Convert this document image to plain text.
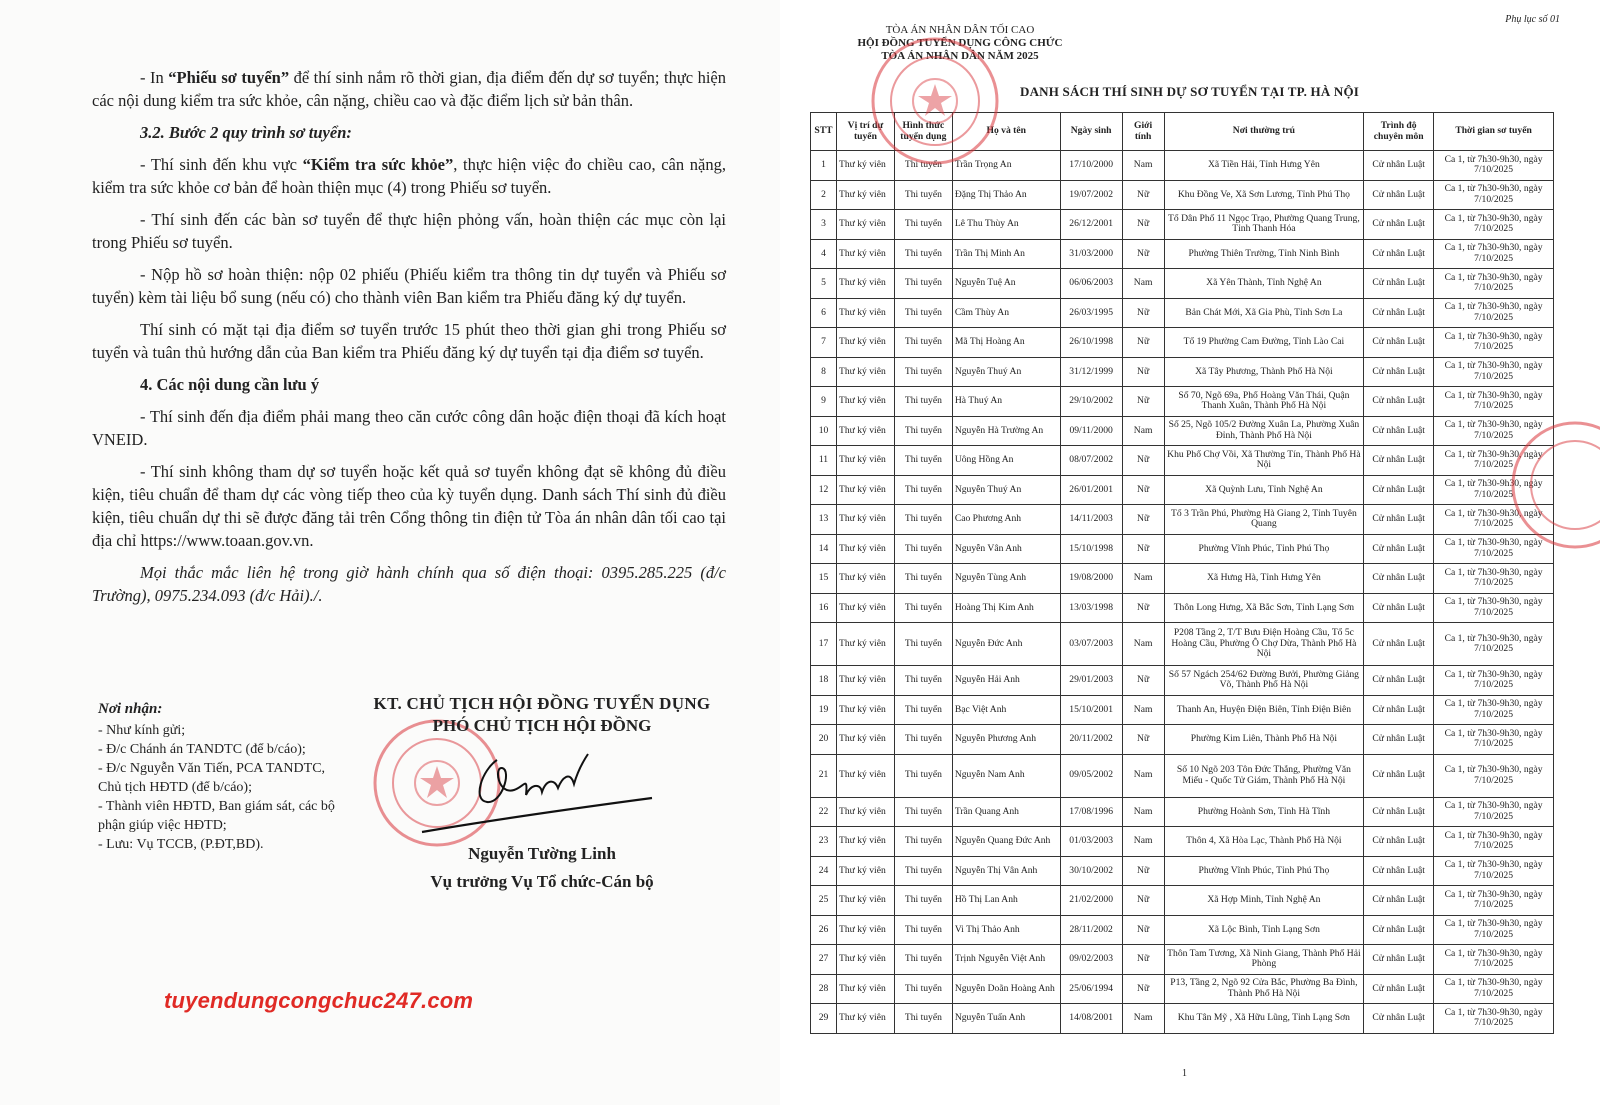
- In “Phiếu sơ tuyển” để thí sinh nắm rõ thời gian, địa điểm đến dự sơ tuyển; thực hiện các nội dung kiểm tra sức khỏe, cân nặng, chiều cao và đặc điểm lịch sử bản thân.

3.2. Bước 2 quy trình sơ tuyển:

- Thí sinh đến khu vực “Kiểm tra sức khỏe”, thực hiện việc đo chiều cao, cân nặng, kiểm tra sức khỏe cơ bản để hoàn thiện mục (4) trong Phiếu sơ tuyển.

- Thí sinh đến các bàn sơ tuyển để thực hiện phỏng vấn, hoàn thiện các mục còn lại trong Phiếu sơ tuyển.

- Nộp hồ sơ hoàn thiện: nộp 02 phiếu (Phiếu kiểm tra thông tin dự tuyển và Phiếu sơ tuyển) kèm tài liệu bổ sung (nếu có) cho thành viên Ban kiểm tra Phiếu đăng ký dự tuyển.

Thí sinh có mặt tại địa điểm sơ tuyển trước 15 phút theo thời gian ghi trong Phiếu sơ tuyển và tuân thủ hướng dẫn của Ban kiểm tra Phiếu đăng ký dự tuyển tại địa điểm sơ tuyển.

4. Các nội dung cần lưu ý

- Thí sinh đến địa điểm phải mang theo căn cước công dân hoặc điện thoại đã kích hoạt VNEID.

- Thí sinh không tham dự sơ tuyển hoặc kết quả sơ tuyển không đạt sẽ không đủ điều kiện, tiêu chuẩn để tham dự các vòng tiếp theo của kỳ tuyển dụng. Danh sách Thí sinh đủ điều kiện, tiêu chuẩn dự thi sẽ được đăng tải trên Cổng thông tin điện tử Tòa án nhân dân tối cao tại địa chỉ https://www.toaan.gov.vn.

Mọi thắc mắc liên hệ trong giờ hành chính qua số điện thoại: 0395.285.225 (đ/c Trường), 0975.234.093 (đ/c Hải)./.

Nơi nhận:
- Như kính gửi;
- Đ/c Chánh án TANDTC (để b/cáo);
- Đ/c Nguyễn Văn Tiến, PCA TANDTC, Chủ tịch HĐTD (để b/cáo);
- Thành viên HĐTD, Ban giám sát, các bộ phận giúp việc HĐTD;
- Lưu: Vụ TCCB, (P.ĐT,BD).
KT. CHỦ TỊCH HỘI ĐỒNG TUYỂN DỤNG
PHÓ CHỦ TỊCH HỘI ĐỒNG
Nguyễn Tường Linh
Vụ trưởng Vụ Tổ chức-Cán bộ
tuyendungcongchuc247.com
Phụ lục số 01
TÒA ÁN NHÂN DÂN TỐI CAO
HỘI ĐỒNG TUYỂN DỤNG CÔNG CHỨC
TÒA ÁN NHÂN DÂN NĂM 2025
DANH SÁCH THÍ SINH DỰ SƠ TUYỂN TẠI TP. HÀ NỘI
STT	Vị trí dự tuyển	Hình thức tuyển dụng	Họ và tên	Ngày sinh	Giới tính	Nơi thường trú	Trình độ chuyên môn	Thời gian sơ tuyển
1	Thư ký viên	Thi tuyển	Trần Trọng An	17/10/2000	Nam	Xã Tiền Hải, Tỉnh Hưng Yên	Cử nhân Luật	Ca 1, từ 7h30-9h30, ngày 7/10/2025
2	Thư ký viên	Thi tuyển	Đặng Thị Thảo An	19/07/2002	Nữ	Khu Đồng Ve, Xã Sơn Lương, Tỉnh Phú Thọ	Cử nhân Luật	Ca 1, từ 7h30-9h30, ngày 7/10/2025
3	Thư ký viên	Thi tuyển	Lê Thu Thùy An	26/12/2001	Nữ	Tổ Dân Phố 11 Ngọc Trạo, Phường Quang Trung, Tỉnh Thanh Hóa	Cử nhân Luật	Ca 1, từ 7h30-9h30, ngày 7/10/2025
4	Thư ký viên	Thi tuyển	Trần Thị Minh An	31/03/2000	Nữ	Phường Thiên Trường, Tỉnh Ninh Bình	Cử nhân Luật	Ca 1, từ 7h30-9h30, ngày 7/10/2025
5	Thư ký viên	Thi tuyển	Nguyễn Tuệ An	06/06/2003	Nam	Xã Yên Thành, Tỉnh Nghệ An	Cử nhân Luật	Ca 1, từ 7h30-9h30, ngày 7/10/2025
6	Thư ký viên	Thi tuyển	Cầm Thùy An	26/03/1995	Nữ	Bản Chát Mới, Xã Gia Phù, Tỉnh Sơn La	Cử nhân Luật	Ca 1, từ 7h30-9h30, ngày 7/10/2025
7	Thư ký viên	Thi tuyển	Mã Thị Hoàng An	26/10/1998	Nữ	Tổ 19 Phường Cam Đường, Tỉnh Lào Cai	Cử nhân Luật	Ca 1, từ 7h30-9h30, ngày 7/10/2025
8	Thư ký viên	Thi tuyển	Nguyễn Thuý An	31/12/1999	Nữ	Xã Tây Phương, Thành Phố Hà Nội	Cử nhân Luật	Ca 1, từ 7h30-9h30, ngày 7/10/2025
9	Thư ký viên	Thi tuyển	Hà Thuý An	29/10/2002	Nữ	Số 70, Ngõ 69a, Phố Hoàng Văn Thái, Quận Thanh Xuân, Thành Phố Hà Nội	Cử nhân Luật	Ca 1, từ 7h30-9h30, ngày 7/10/2025
10	Thư ký viên	Thi tuyển	Nguyễn Hà Trường An	09/11/2000	Nam	Số 25, Ngõ 105/2 Đường Xuân La, Phường Xuân Đỉnh, Thành Phố Hà Nội	Cử nhân Luật	Ca 1, từ 7h30-9h30, ngày 7/10/2025
11	Thư ký viên	Thi tuyển	Uông Hồng An	08/07/2002	Nữ	Khu Phố Chợ Vồi, Xã Thường Tín, Thành Phố Hà Nội	Cử nhân Luật	Ca 1, từ 7h30-9h30, ngày 7/10/2025
12	Thư ký viên	Thi tuyển	Nguyễn Thuý An	26/01/2001	Nữ	Xã Quỳnh Lưu, Tỉnh Nghệ An	Cử nhân Luật	Ca 1, từ 7h30-9h30, ngày 7/10/2025
13	Thư ký viên	Thi tuyển	Cao Phương Anh	14/11/2003	Nữ	Tổ 3 Trần Phú, Phường Hà Giang 2, Tỉnh Tuyên Quang	Cử nhân Luật	Ca 1, từ 7h30-9h30, ngày 7/10/2025
14	Thư ký viên	Thi tuyển	Nguyễn Vân Anh	15/10/1998	Nữ	Phường Vĩnh Phúc, Tỉnh Phú Thọ	Cử nhân Luật	Ca 1, từ 7h30-9h30, ngày 7/10/2025
15	Thư ký viên	Thi tuyển	Nguyễn Tùng Anh	19/08/2000	Nam	Xã Hưng Hà, Tỉnh Hưng Yên	Cử nhân Luật	Ca 1, từ 7h30-9h30, ngày 7/10/2025
16	Thư ký viên	Thi tuyển	Hoàng Thị Kim Anh	13/03/1998	Nữ	Thôn Long Hưng, Xã Bắc Sơn, Tỉnh Lạng Sơn	Cử nhân Luật	Ca 1, từ 7h30-9h30, ngày 7/10/2025
17	Thư ký viên	Thi tuyển	Nguyễn Đức Anh	03/07/2003	Nam	P208 Tầng 2, T/T Bưu Điện Hoàng Cầu, Tổ 5c Hoàng Cầu, Phường Ô Chợ Dừa, Thành Phố Hà Nội	Cử nhân Luật	Ca 1, từ 7h30-9h30, ngày 7/10/2025
18	Thư ký viên	Thi tuyển	Nguyễn Hải Anh	29/01/2003	Nữ	Số 57 Ngách 254/62 Đường Bưởi, Phường Giảng Võ, Thành Phố Hà Nội	Cử nhân Luật	Ca 1, từ 7h30-9h30, ngày 7/10/2025
19	Thư ký viên	Thi tuyển	Bạc Việt Anh	15/10/2001	Nam	Thanh An, Huyện Điện Biên, Tỉnh Điện Biên	Cử nhân Luật	Ca 1, từ 7h30-9h30, ngày 7/10/2025
20	Thư ký viên	Thi tuyển	Nguyễn Phương Anh	20/11/2002	Nữ	Phường Kim Liên, Thành Phố Hà Nội	Cử nhân Luật	Ca 1, từ 7h30-9h30, ngày 7/10/2025
21	Thư ký viên	Thi tuyển	Nguyễn Nam Anh	09/05/2002	Nam	Số 10 Ngõ 203 Tôn Đức Thắng, Phường Văn Miếu - Quốc Tử Giám, Thành Phố Hà Nội	Cử nhân Luật	Ca 1, từ 7h30-9h30, ngày 7/10/2025
22	Thư ký viên	Thi tuyển	Trần Quang Anh	17/08/1996	Nam	Phường Hoành Sơn, Tỉnh Hà Tĩnh	Cử nhân Luật	Ca 1, từ 7h30-9h30, ngày 7/10/2025
23	Thư ký viên	Thi tuyển	Nguyễn Quang Đức Anh	01/03/2003	Nam	Thôn 4, Xã Hòa Lạc, Thành Phố Hà Nội	Cử nhân Luật	Ca 1, từ 7h30-9h30, ngày 7/10/2025
24	Thư ký viên	Thi tuyển	Nguyễn Thị Vân Anh	30/10/2002	Nữ	Phường Vĩnh Phúc, Tỉnh Phú Thọ	Cử nhân Luật	Ca 1, từ 7h30-9h30, ngày 7/10/2025
25	Thư ký viên	Thi tuyển	Hồ Thị Lan Anh	21/02/2000	Nữ	Xã Hợp Minh, Tỉnh Nghệ An	Cử nhân Luật	Ca 1, từ 7h30-9h30, ngày 7/10/2025
26	Thư ký viên	Thi tuyển	Vi Thị Thảo Anh	28/11/2002	Nữ	Xã Lộc Bình, Tỉnh Lạng Sơn	Cử nhân Luật	Ca 1, từ 7h30-9h30, ngày 7/10/2025
27	Thư ký viên	Thi tuyển	Trịnh Nguyễn Việt Anh	09/02/2003	Nữ	Thôn Tam Tương, Xã Ninh Giang, Thành Phố Hải Phòng	Cử nhân Luật	Ca 1, từ 7h30-9h30, ngày 7/10/2025
28	Thư ký viên	Thi tuyển	Nguyễn Doãn Hoàng Anh	25/06/1994	Nữ	P13, Tầng 2, Ngõ 92 Cửa Bắc, Phường Ba Đình, Thành Phố Hà Nội	Cử nhân Luật	Ca 1, từ 7h30-9h30, ngày 7/10/2025
29	Thư ký viên	Thi tuyển	Nguyễn Tuấn Anh	14/08/2001	Nam	Khu Tân Mỹ , Xã Hữu Lũng, Tỉnh Lạng Sơn	Cử nhân Luật	Ca 1, từ 7h30-9h30, ngày 7/10/2025
1
